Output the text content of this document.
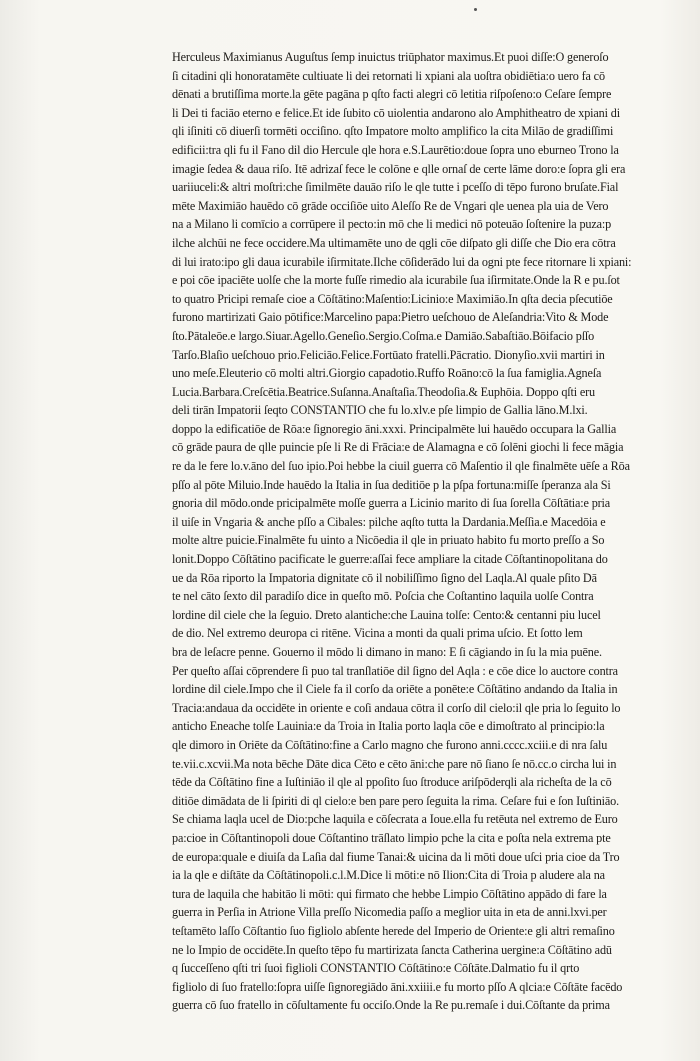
Herculeus Maximianus Auguſtus ſemp inuictus triūphator maximus.Et puoi diſſe:O generoſo
ſi citadini qli honoratamēte cultiuate li dei retornati li xpiani ala uoſtra obidiētia:o uero fa cō
dēnati a brutiſſima morte.la gēte pagāna p qſto facti alegri cō letitia riſpoſeno:o Ceſare ſempre
li Dei ti faciāo eterno e felice.Et ide ſubito cō uiolentia andarono alo Amphitheatro de xpiani di
qli iſiniti cō diuerſi tormēti occiſino. qſto Impatore molto amplifico la cita Milāo de gradiſſimi
edificii:tra qli fu il Fano dil dio Hercule qle hora e.S.Laurētio:doue ſopra uno eburneo Trono la
imagie ſedea & daua riſo. Itē adrizaſ fece le colōne e qlle ornaſ de certe lāme doro:e ſopra gli era
uariiuceli:& altri moſtri:che ſimilmēte dauāo riſo le qle tutte i pceſſo di tēpo furono bruſate.Fial
mēte Maximiāo hauēdo cō grāde occiſiōe uito Aleſſo Re de Vngari qle uenea pla uia de Vero
na a Milano li comīcio a corrūpere il pecto:in mō che li medici nō poteuāo ſoſtenire la puza:p
ilche alchūi ne fece occidere.Ma ultimamēte uno de qgli cōe diſpato gli diſſe che Dio era cōtra
di lui irato:ipo gli daua icurabile iſirmitate.Ilche cōſiderādo lui da ogni pte fece ritornare li xpiani:
e poi cōe ipaciēte uolſe che la morte fuſſe rimedio ala icurabile ſua iſirmitate.Onde la R e pu.ſot
to quatro Pricipi remaſe cioe a Cōſtātino:Maſentio:Licinio:e Maximiāo.In qſta decia pſecutiōe
furono martirizati Gaio pōtifice:Marcelino papa:Pietro ueſchouo de Aleſandria:Vito & Mode
ſto.Pātaleōe.e largo.Siuar.Agello.Geneſio.Sergio.Coſma.e Damiāo.Sabaſtiāo.Bōifacio pſſo
Tarſo.Blaſio ueſchouo prio.Feliciāo.Felice.Fortūato fratelli.Pācratio. Dionyſio.xvii martiri in
uno meſe.Eleuterio cō molti altri.Giorgio capadotio.Ruffo Roāno:cō la ſua famiglia.Agneſa
Lucia.Barbara.Creſcētia.Beatrice.Suſanna.Anaſtaſia.Theodoſia.& Euphōia. Doppo qſti eru
deli tirān Impatorii ſeqto CONSTANTIO che fu lo.xlv.e pſe limpio de Gallia lāno.M.lxi.
doppo la edificatiōe de Rōa:e ſignoregio āni.xxxi. Principalmēte lui hauēdo occupara la Gallia
cō grāde paura de qlle puincie pſe li Re di Frācia:e de Alamagna e cō ſolēni giochi li fece māgia
re da le fere lo.v.āno del ſuo ipio.Poi hebbe la ciuil guerra cō Maſentio il qle finalmēte uēſe a Rōa
pſſo al pōte Miluio.Inde hauēdo la Italia in ſua deditiōe p la pſpa fortuna:miſſe ſperanza ala Si
gnoria dil mōdo.onde pricipalmēte moſſe guerra a Licinio marito di ſua ſorella Cōſtātia:e pria
il uiſe in Vngaria & anche pſſo a Cibales: pilche aqſto tutta la Dardania.Meſſia.e Macedōia e
molte altre puicie.Finalmēte fu uinto a Nicōedia il qle in priuato habito fu morto preſſo a So
lonit.Doppo Cōſtātino pacificate le guerre:aſſai fece ampliare la citade Cōſtantinopolitana do
ue da Rōa riporto la Impatoria dignitate cō il nobiliſſimo ſigno del Laqla.Al quale pſito Dā
te nel cāto ſexto dil paradiſo dice in queſto mō. Poſcia che Coſtantino laquila uolſe Contra
lordine dil ciele che la ſeguio. Dreto alantiche:che Lauina tolſe: Cento:& centanni piu lucel
de dio. Nel extremo deuropa ci ritēne. Vicina a monti da quali prima uſcio. Et ſotto lem
bra de leſacre penne. Gouerno il mōdo li dimano in mano: E ſi cāgiando in ſu la mia puēne.
Per queſto aſſai cōprendere ſi puo tal tranſlatiōe dil ſigno del Aqla : e cōe dice lo auctore contra
lordine dil ciele.Impo che il Ciele fa il corſo da oriēte a ponēte:e Cōſtātino andando da Italia in
Tracia:andaua da occidēte in oriente e coſi andaua cōtra il corſo dil cielo:il qle pria lo ſeguito lo
anticho Eneache tolſe Lauinia:e da Troia in Italia porto laqla cōe e dimoſtrato al principio:la
qle dimoro in Oriēte da Cōſtātino:fine a Carlo magno che furono anni.cccc.xciii.e di nra ſalu
te.vii.c.xcvii.Ma nota bēche Dāte dica Cēto e cēto āni:che pare nō ſiano ſe nō.cc.o circha lui in
tēde da Cōſtātino fine a Iuſtiniāo il qle al ppoſito ſuo ſtroduce ariſpōderqli ala richeſta de la cō
ditiōe dimādata de li ſpiriti di ql cielo:e ben pare pero ſeguita la rima. Ceſare fui e ſon Iuſtiniāo.
Se chiama laqla ucel de Dio:pche laquila e cōſecrata a Ioue.ella fu retēuta nel extremo de Euro
pa:cioe in Cōſtantinopoli doue Cōſtantino trāſlato limpio pche la cita e poſta nela extrema pte
de europa:quale e diuiſa da Laſia dal fiume Tanai:& uicina da li mōti doue uſci pria cioe da Tro
ia la qle e diſtāte da Cōſtātinopoli.c.l.M.Dice li mōti:e nō Ilion:Cita di Troia p aludere ala na
tura de laquila che habitāo li mōti: qui firmato che hebbe Limpio Cōſtātino appādo di fare la
guerra in Perſia in Atrione Villa preſſo Nicomedia paſſo a meglior uita in eta de anni.lxvi.per
teſtamēto laſſo Cōſtantio ſuo figliolo abſente herede del Imperio de Oriente:e gli altri remaſino
ne lo Impio de occidēte.In queſto tēpo fu martirizata ſancta Catherina uergine:a Cōſtātino adū
q ſucceſſeno qſti tri ſuoi figlioli CONSTANTIO Cōſtātino:e Cōſtāte.Dalmatio fu il qrto
figliolo di ſuo fratello:ſopra uiſſe ſignoregiādo āni.xxiiii.e fu morto pſſo A qlcia:e Cōſtāte facēdo
guerra cō ſuo fratello in cōſultamente fu occiſo.Onde la Re pu.remaſe i dui.Cōſtante da prima
